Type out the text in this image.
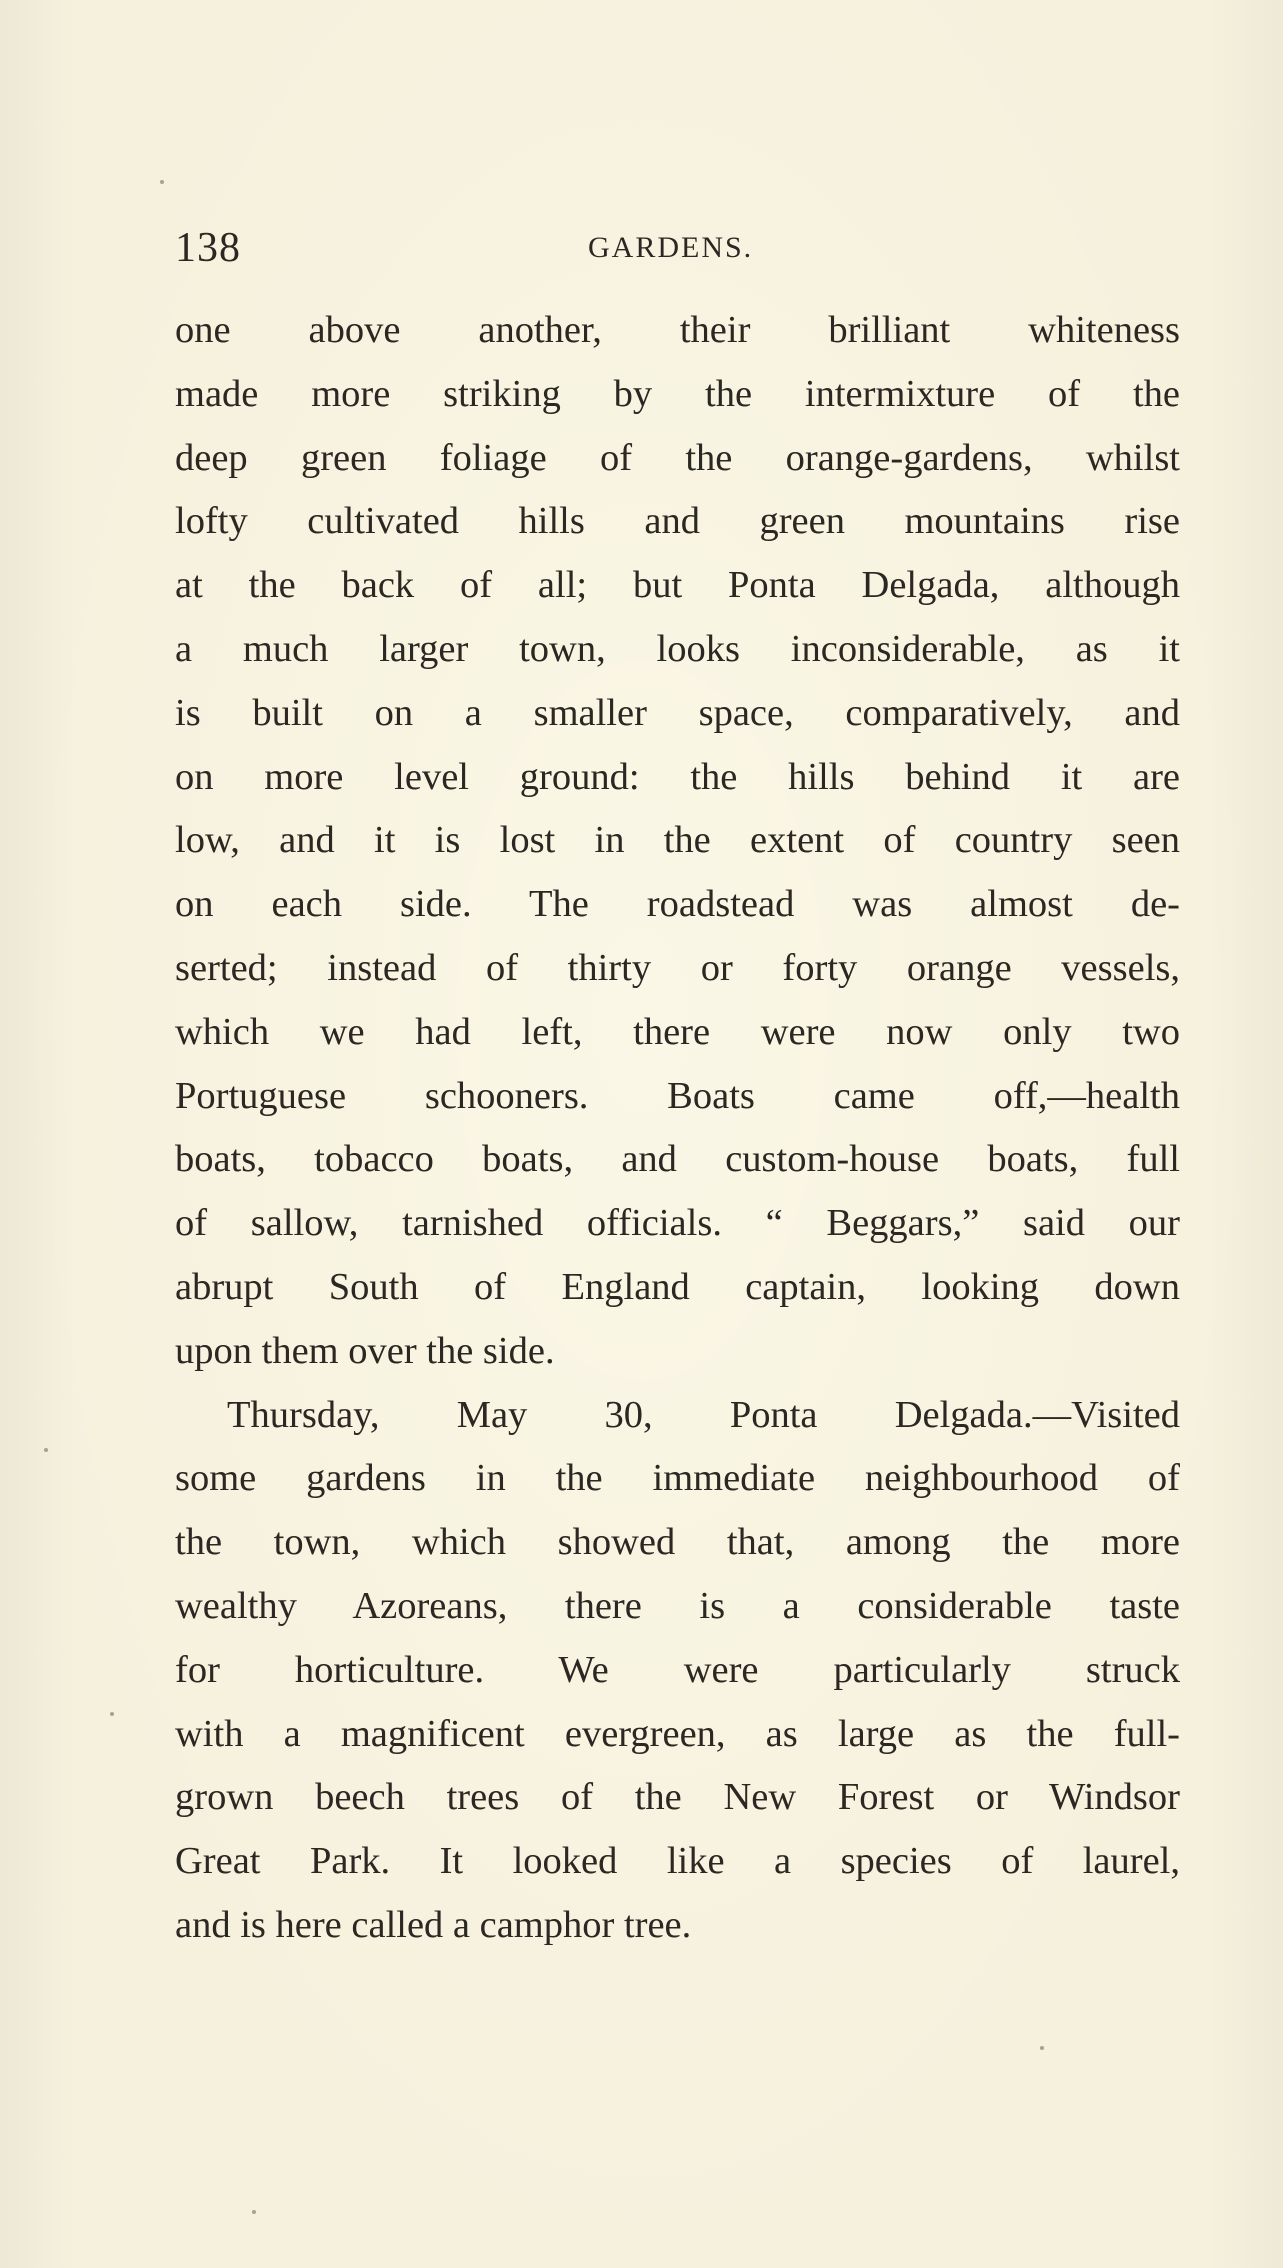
138	GARDENS.
one above another, their brilliant whiteness
made more striking by the intermixture of the
deep green foliage of the orange-gardens, whilst
lofty cultivated hills and green mountains rise
at the back of all; but Ponta Delgada, although
a much larger town, looks inconsiderable, as it
is built on a smaller space, comparatively, and
on more level ground: the hills behind it are
low, and it is lost in the extent of country seen
on each side. The roadstead was almost de-
serted; instead of thirty or forty orange vessels,
which we had left, there were now only two
Portuguese schooners. Boats came off,—health
boats, tobacco boats, and custom-house boats, full
of sallow, tarnished officials. “ Beggars,” said our
abrupt South of England captain, looking down
upon them over the side.
Thursday, May 30, Ponta Delgada.—Visited
some gardens in the immediate neighbourhood of
the town, which showed that, among the more
wealthy Azoreans, there is a considerable taste
for horticulture. We were particularly struck
with a magnificent evergreen, as large as the full-
grown beech trees of the New Forest or Windsor
Great Park. It looked like a species of laurel,
and is here called a camphor tree.
